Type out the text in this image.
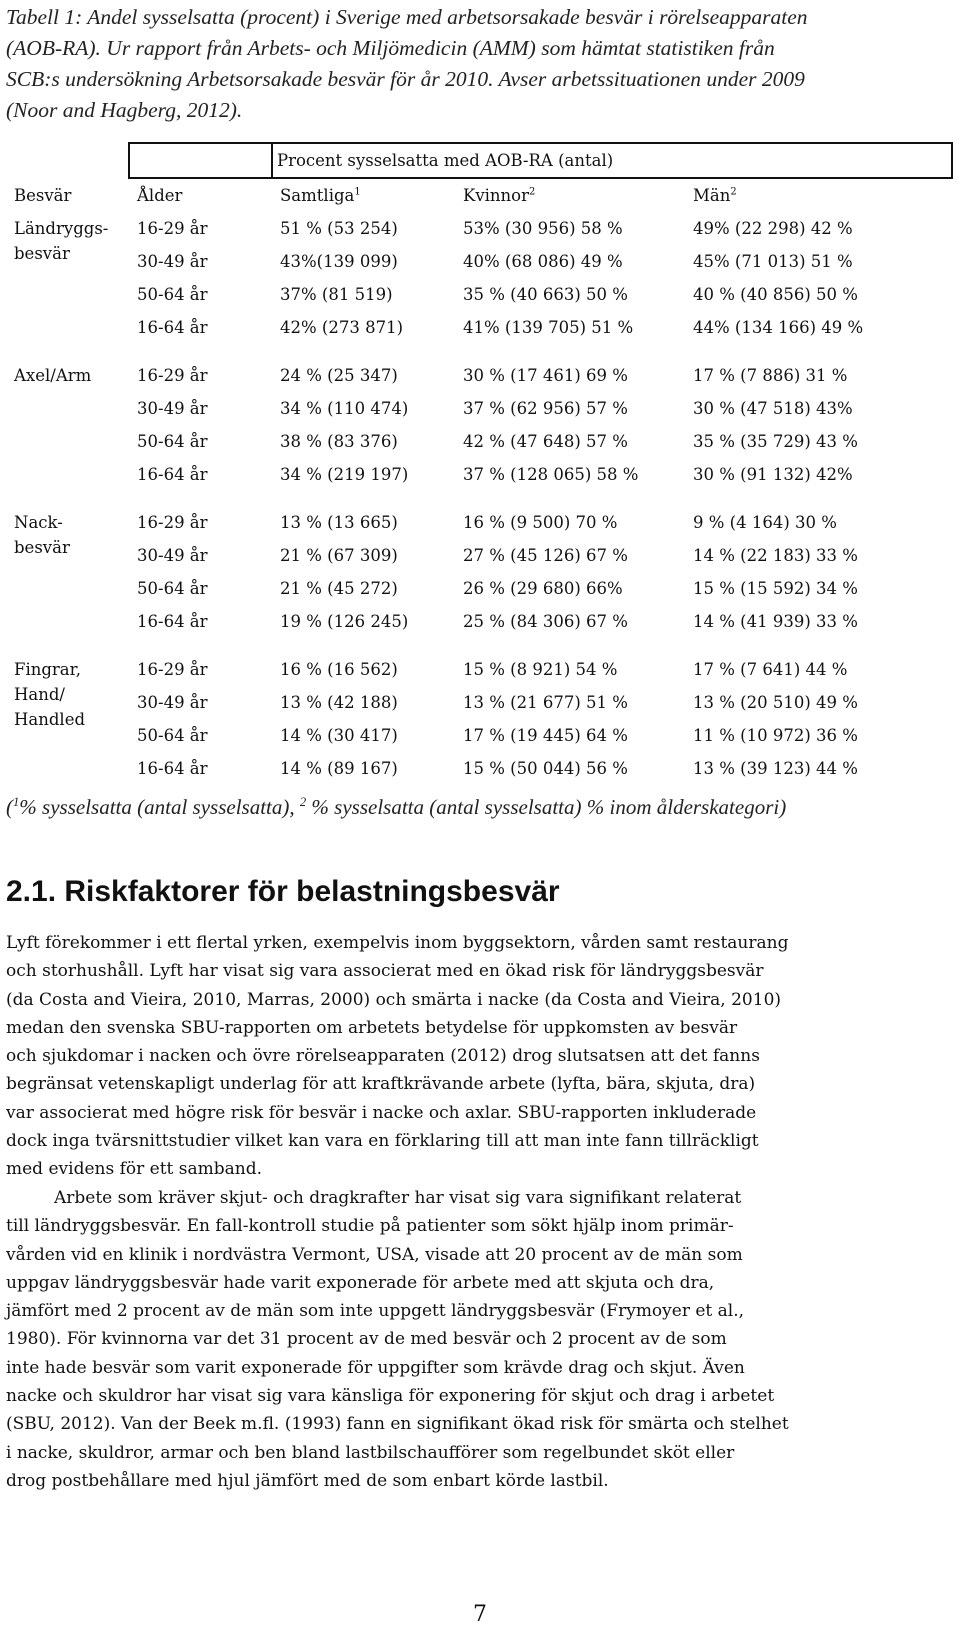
Tabell 1: Andel sysselsatta (procent) i Sverige med arbetsorsakade besvär i rörelseapparaten
(AOB-RA). Ur rapport från Arbets- och Miljömedicin (AMM) som hämtat statistiken från
SCB:s undersökning Arbetsorsakade besvär för år 2010. Avser arbetssituationen under 2009
(Noor and Hagberg, 2012).

		Procent sysselsatta med AOB-RA (antal)		
Besvär	Ålder	Samtliga$^1$	Kvinnor$^2$	Män$^2$

Ländryggs-
besvär	16-29 år	51 % (53 254)	53% (30 956) 58 %	49% (22 298) 42 %
	30-49 år	43%(139 099)	40% (68 086) 49 %	45% (71 013) 51 %
	50-64 år	37% (81 519)	35 % (40 663) 50 %	40 % (40 856) 50 %
	16-64 år	42% (273 871)	41% (139 705) 51 %	44% (134 166) 49 %

Axel/Arm	16-29 år	24 % (25 347)	30 % (17 461) 69 %	17 % (7 886) 31 %
	30-49 år	34 % (110 474)	37 % (62 956) 57 %	30 % (47 518) 43%
	50-64 år	38 % (83 376)	42 % (47 648) 57 %	35 % (35 729) 43 %
	16-64 år	34 % (219 197)	37 % (128 065) 58 %	30 % (91 132) 42%

Nack-
besvär	16-29 år	13 % (13 665)	16 % (9 500) 70 %	9 % (4 164) 30 %
	30-49 år	21 % (67 309)	27 % (45 126) 67 %	14 % (22 183) 33 %
	50-64 år	21 % (45 272)	26 % (29 680) 66%	15 % (15 592) 34 %
	16-64 år	19 % (126 245)	25 % (84 306) 67 %	14 % (41 939) 33 %

Fingrar,
Hand/
Handled	16-29 år	16 % (16 562)	15 % (8 921) 54 %	17 % (7 641) 44 %
	30-49 år	13 % (42 188)	13 % (21 677) 51 %	13 % (20 510) 49 %
	50-64 år	14 % (30 417)	17 % (19 445) 64 %	11 % (10 972) 36 %
	16-64 år	14 % (89 167)	15 % (50 044) 56 %	13 % (39 123) 44 %

($^1$% sysselsatta (antal sysselsatta), $^2$ % sysselsatta (antal sysselsatta) % inom ålderskategori)

2.1. Riskfaktorer för belastningsbesvär

Lyft förekommer i ett flertal yrken, exempelvis inom byggsektorn, vården samt restaurang
och storhushåll. Lyft har visat sig vara associerat med en ökad risk för ländryggsbesvär
(da Costa and Vieira, 2010, Marras, 2000) och smärta i nacke (da Costa and Vieira, 2010)
medan den svenska SBU-rapporten om arbetets betydelse för uppkomsten av besvär
och sjukdomar i nacken och övre rörelseapparaten (2012) drog slutsatsen att det fanns
begränsat vetenskapligt underlag för att kraftkrävande arbete (lyfta, bära, skjuta, dra)
var associerat med högre risk för besvär i nacke och axlar. SBU-rapporten inkluderade
dock inga tvärsnittstudier vilket kan vara en förklaring till att man inte fann tillräckligt
med evidens för ett samband.

Arbete som kräver skjut- och dragkrafter har visat sig vara signifikant relaterat
till ländryggsbesvär. En fall-kontroll studie på patienter som sökt hjälp inom primär-
vården vid en klinik i nordvästra Vermont, USA, visade att 20 procent av de män som
uppgav ländryggsbesvär hade varit exponerade för arbete med att skjuta och dra,
jämfört med 2 procent av de män som inte uppgett ländryggsbesvär (Frymoyer et al.,
1980). För kvinnorna var det 31 procent av de med besvär och 2 procent av de som
inte hade besvär som varit exponerade för uppgifter som krävde drag och skjut. Även
nacke och skuldror har visat sig vara känsliga för exponering för skjut och drag i arbetet
(SBU, 2012). Van der Beek m.fl. (1993) fann en signifikant ökad risk för smärta och stelhet
i nacke, skuldror, armar och ben bland lastbilschaufförer som regelbundet sköt eller
drog postbehållare med hjul jämfört med de som enbart körde lastbil.

7
